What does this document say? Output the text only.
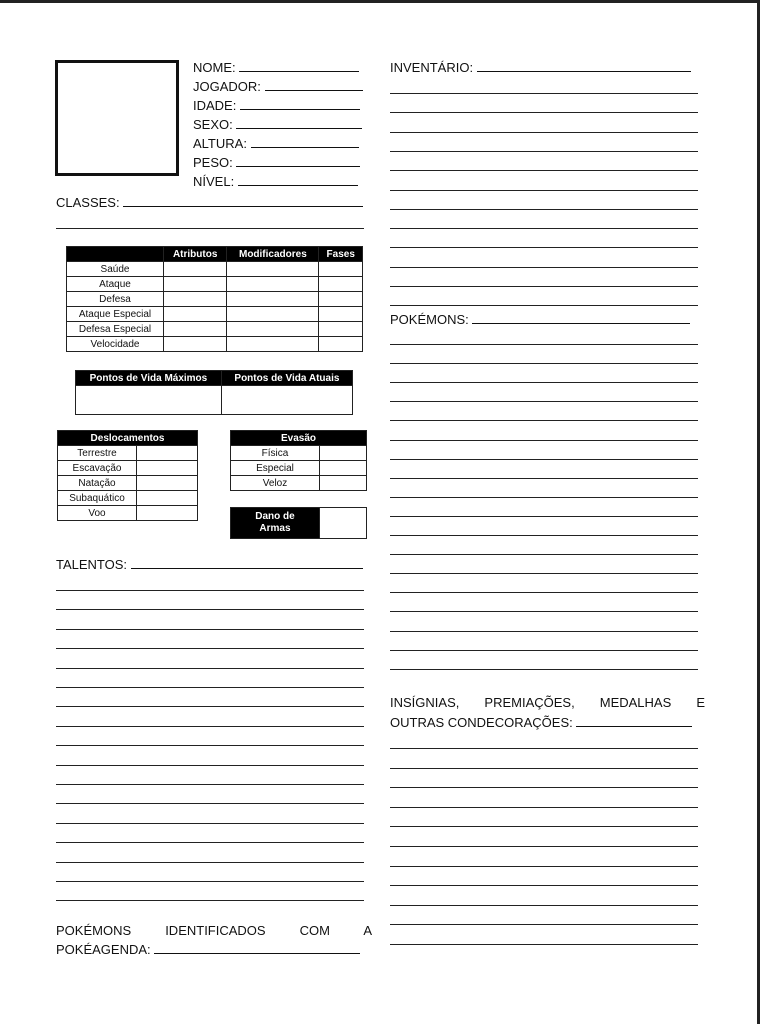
NOME:
JOGADOR:
IDADE:
SEXO:
ALTURA:
PESO:
NÍVEL:
CLASSES:
	Atributos	Modificadores	Fases
Saúde			
Ataque			
Defesa			
Ataque Especial			
Defesa Especial			
Velocidade			
Pontos de Vida Máximos	Pontos de Vida Atuais

Deslocamentos	
Terrestre	
Escavação	
Natação	
Subaquático	
Voo	
Evasão	
Física	
Especial	
Veloz	
Dano de
Armas

TALENTOS:
POKÉMONS IDENTIFICADOS COM A
POKÉAGENDA:
INVENTÁRIO:
POKÉMONS:
INSÍGNIAS, PREMIAÇÕES, MEDALHAS E
OUTRAS CONDECORAÇÕES:
